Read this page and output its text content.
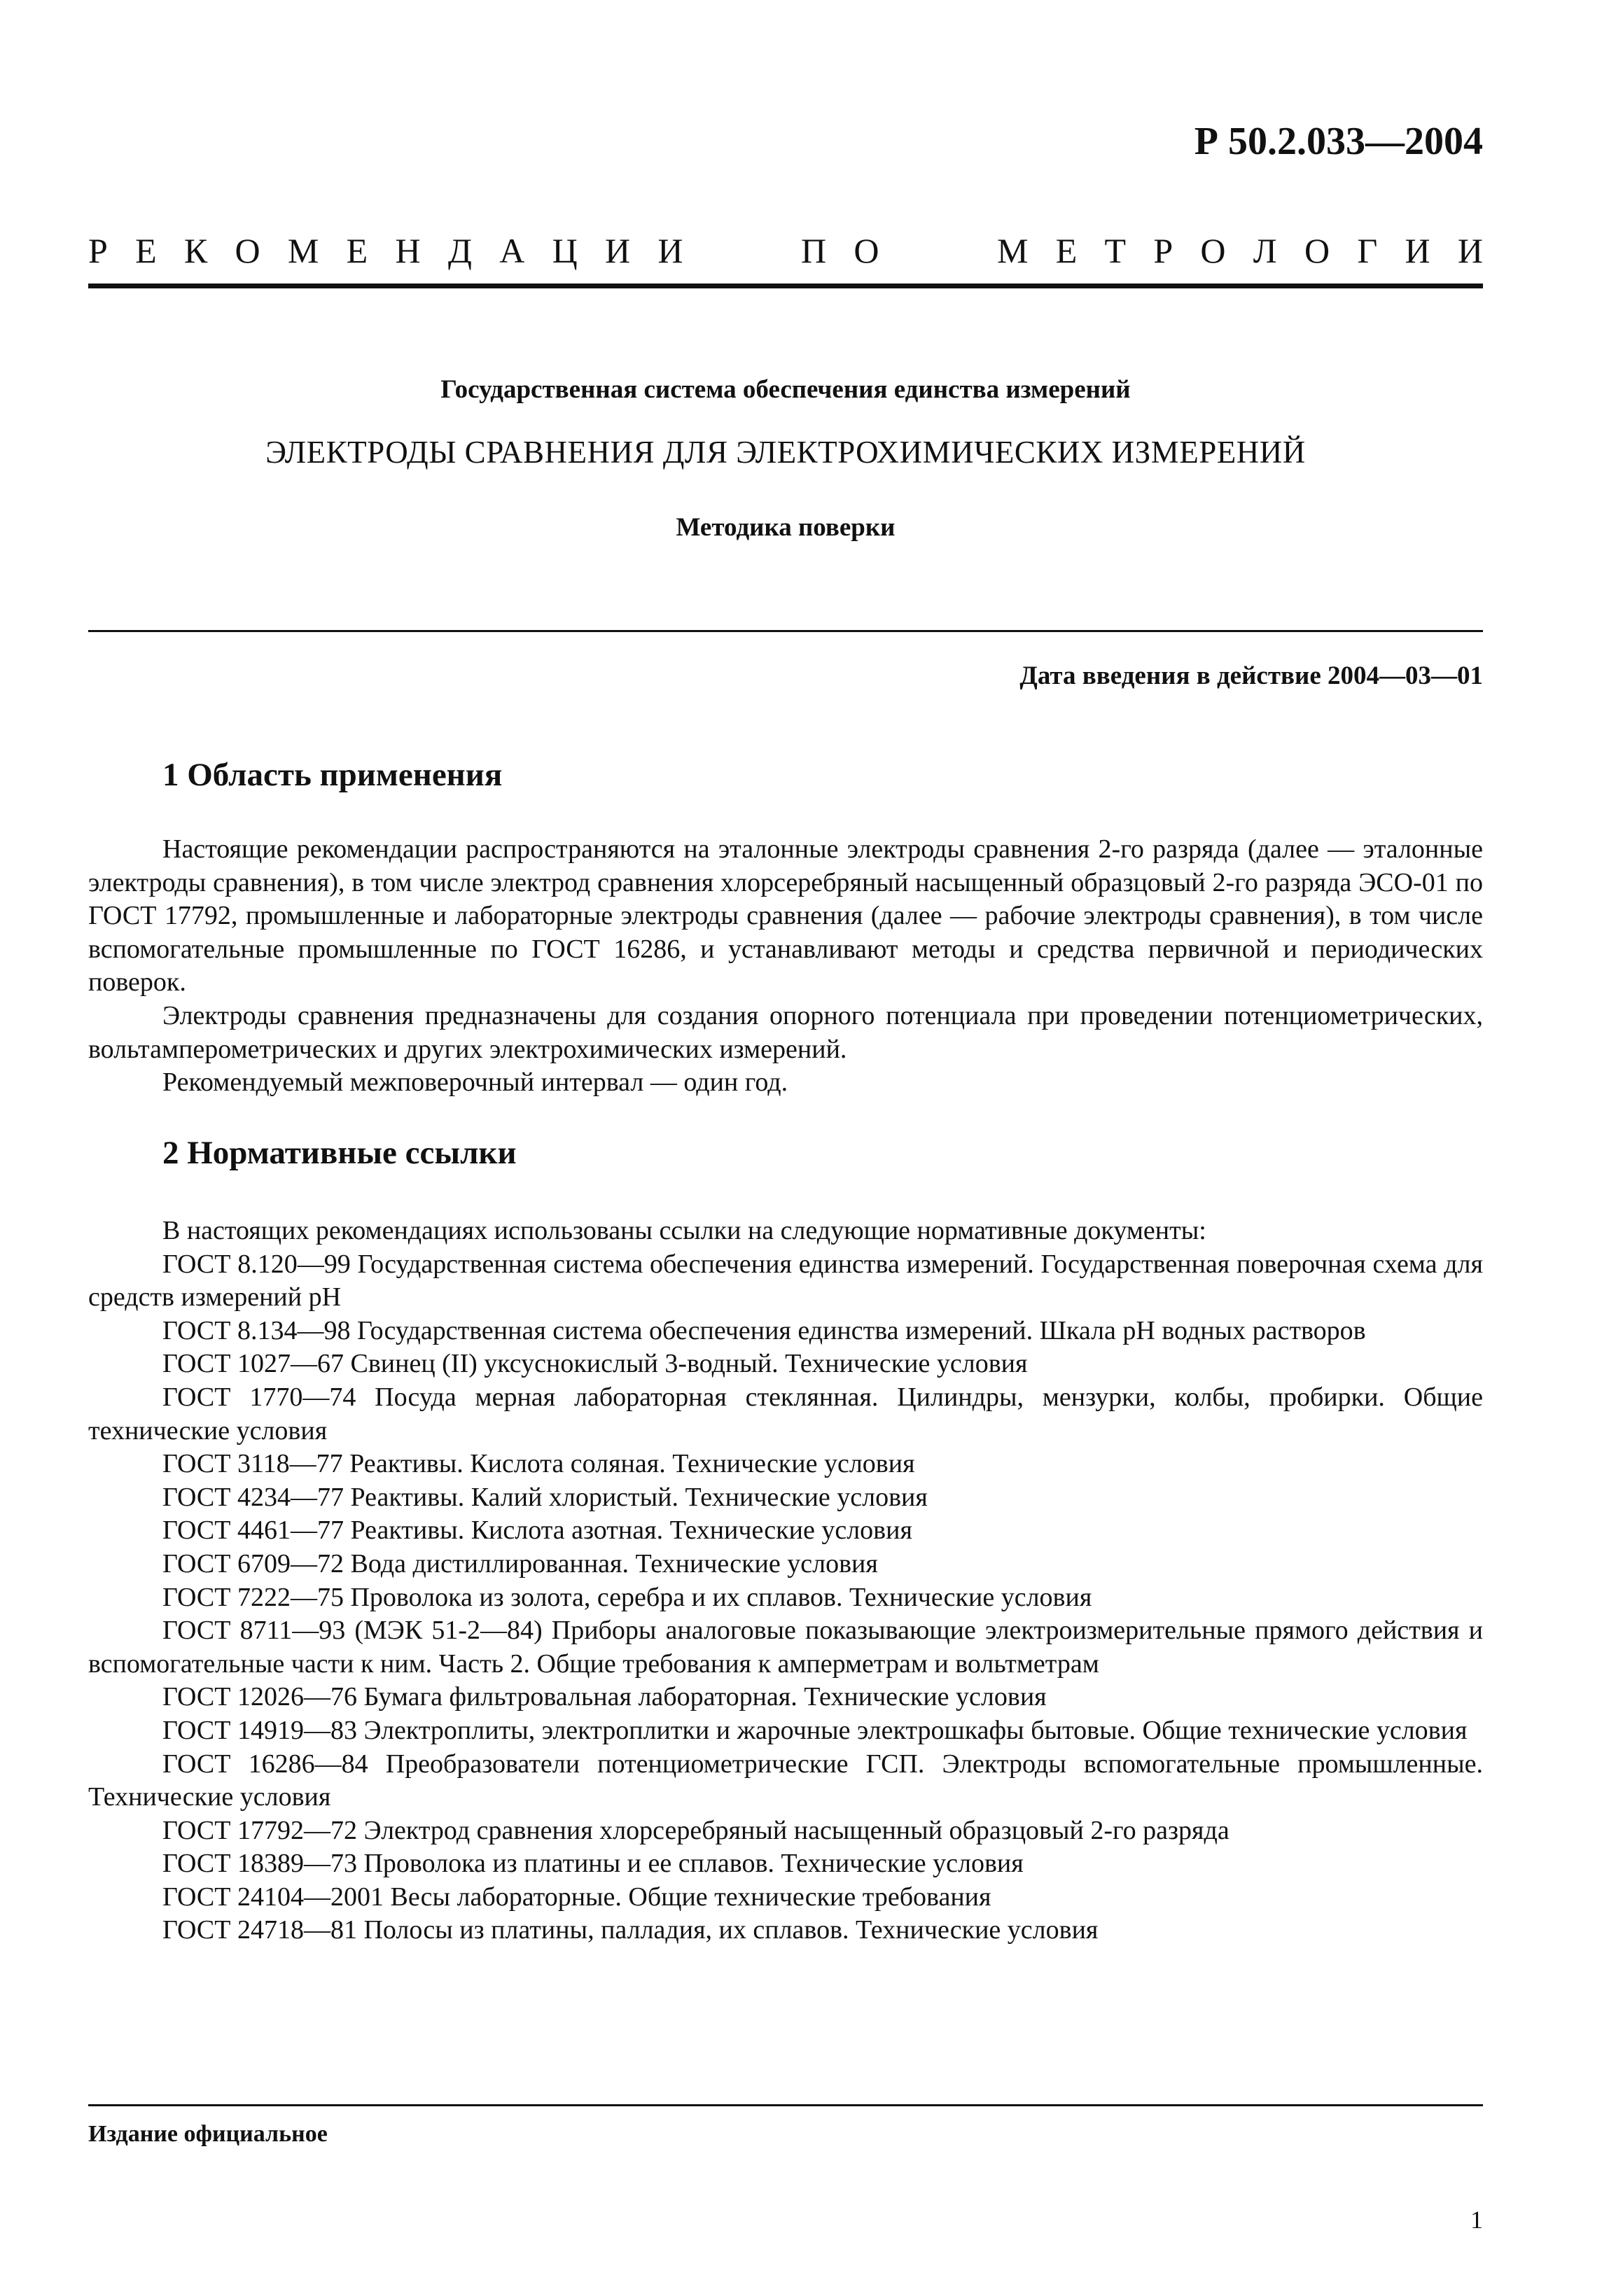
Р 50.2.033—2004
Р Е К О М Е Н Д А Ц И И	П О	М Е Т Р О Л О Г И И
Государственная система обеспечения единства измерений
ЭЛЕКТРОДЫ СРАВНЕНИЯ ДЛЯ ЭЛЕКТРОХИМИЧЕСКИХ ИЗМЕРЕНИЙ
Методика поверки
Дата введения в действие 2004—03—01
1 Область применения

Настоящие рекомендации распространяются на эталонные электроды сравнения 2-го разряда (далее — эталонные электроды сравнения), в том числе электрод сравнения хлорсеребряный насыщенный образцовый 2-го разряда ЭСО-01 по ГОСТ 17792, промышленные и лабораторные электроды сравнения (далее — рабочие электроды сравнения), в том числе вспомогательные промышленные по ГОСТ 16286, и устанавливают методы и средства первичной и периодических поверок.

Электроды сравнения предназначены для создания опорного потенциала при проведении потенциометрических, вольтамперометрических и других электрохимических измерений.

Рекомендуемый межповерочный интервал — один год.

2 Нормативные ссылки

В настоящих рекомендациях использованы ссылки на следующие нормативные документы:

ГОСТ 8.120—99 Государственная система обеспечения единства измерений. Государственная поверочная схема для средств измерений pH

ГОСТ 8.134—98 Государственная система обеспечения единства измерений. Шкала pH водных растворов

ГОСТ 1027—67 Свинец (II) уксуснокислый 3-водный. Технические условия

ГОСТ 1770—74 Посуда мерная лабораторная стеклянная. Цилиндры, мензурки, колбы, пробирки. Общие технические условия

ГОСТ 3118—77 Реактивы. Кислота соляная. Технические условия

ГОСТ 4234—77 Реактивы. Калий хлористый. Технические условия

ГОСТ 4461—77 Реактивы. Кислота азотная. Технические условия

ГОСТ 6709—72 Вода дистиллированная. Технические условия

ГОСТ 7222—75 Проволока из золота, серебра и их сплавов. Технические условия

ГОСТ 8711—93 (МЭК 51-2—84) Приборы аналоговые показывающие электроизмерительные прямого действия и вспомогательные части к ним. Часть 2. Общие требования к амперметрам и вольтметрам

ГОСТ 12026—76 Бумага фильтровальная лабораторная. Технические условия

ГОСТ 14919—83 Электроплиты, электроплитки и жарочные электрошкафы бытовые. Общие технические условия

ГОСТ 16286—84 Преобразователи потенциометрические ГСП. Электроды вспомогательные промышленные. Технические условия

ГОСТ 17792—72 Электрод сравнения хлорсеребряный насыщенный образцовый 2-го разряда

ГОСТ 18389—73 Проволока из платины и ее сплавов. Технические условия

ГОСТ 24104—2001 Весы лабораторные. Общие технические требования

ГОСТ 24718—81 Полосы из платины, палладия, их сплавов. Технические условия

Издание официальное
1
